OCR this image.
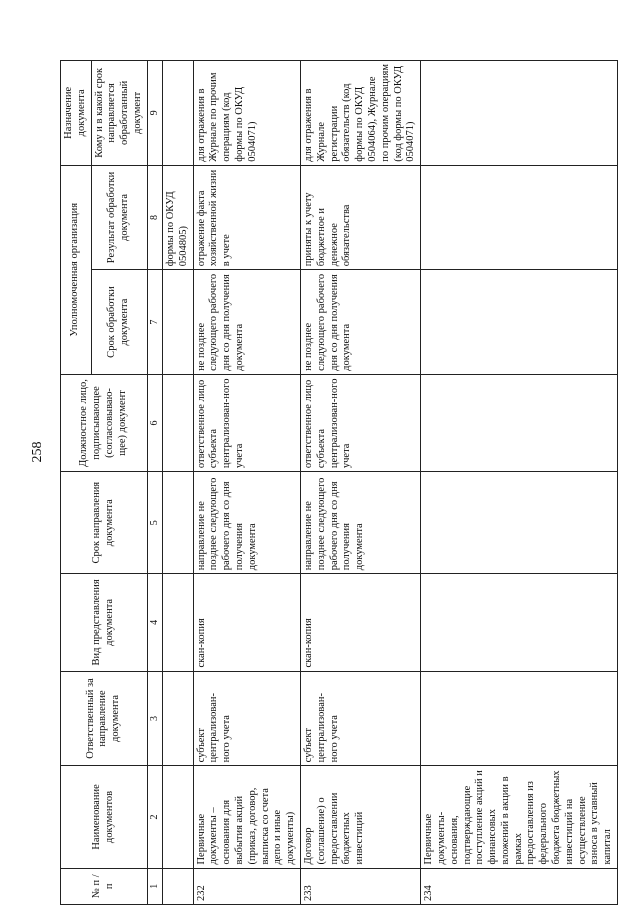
258
№ п / п	Наименование документов	Ответственный за направление документа	Вид представления документа	Срок направления документа	Должностное лицо, подписывающее (согласовываю-щее) документ	Уполномоченная организация		Назначение документа
						Срок обработки документа	Результат обработки документа	Кому и в какой срок направляется обработанный документ
1	2	3	4	5	6	7	8	9
							формы по ОКУД 0504805)	
232	Первичные документы – основания для выбытия акций (приказ, договор, выписка со счета депо и иные документы)	субъект централизован-ного учета	скан-копия	направление не позднее следующего рабочего дня со дня получения документа	ответственное лицо субъекта централизован-ного учета	не позднее следующего рабочего дня со дня получения документа	отражение факта хозяйственной жизни в учете	для отражения в Журнале по прочим операциям (код формы по ОКУД 0504071)
233	Договор (соглашение) о предоставлении бюджетных инвестиций	субъект централизован-ного учета	скан-копия	направление не позднее следующего рабочего дня со дня получения документа	ответственное лицо субъекта централизован-ного учета	не позднее следующего рабочего дня со дня получения документа	приняты к учету бюджетное и денежное обязательства	для отражения в Журнале регистрации обязательств (код формы по ОКУД 0504064), Журнале по прочим операциям (код формы по ОКУД 0504071)
234	Первичные документы-основания, подтверждающие поступление акций и финансовых вложений в акции в рамках предоставления из федерального бюджета бюджетных инвестиций на осуществление взноса в уставный капитал							
